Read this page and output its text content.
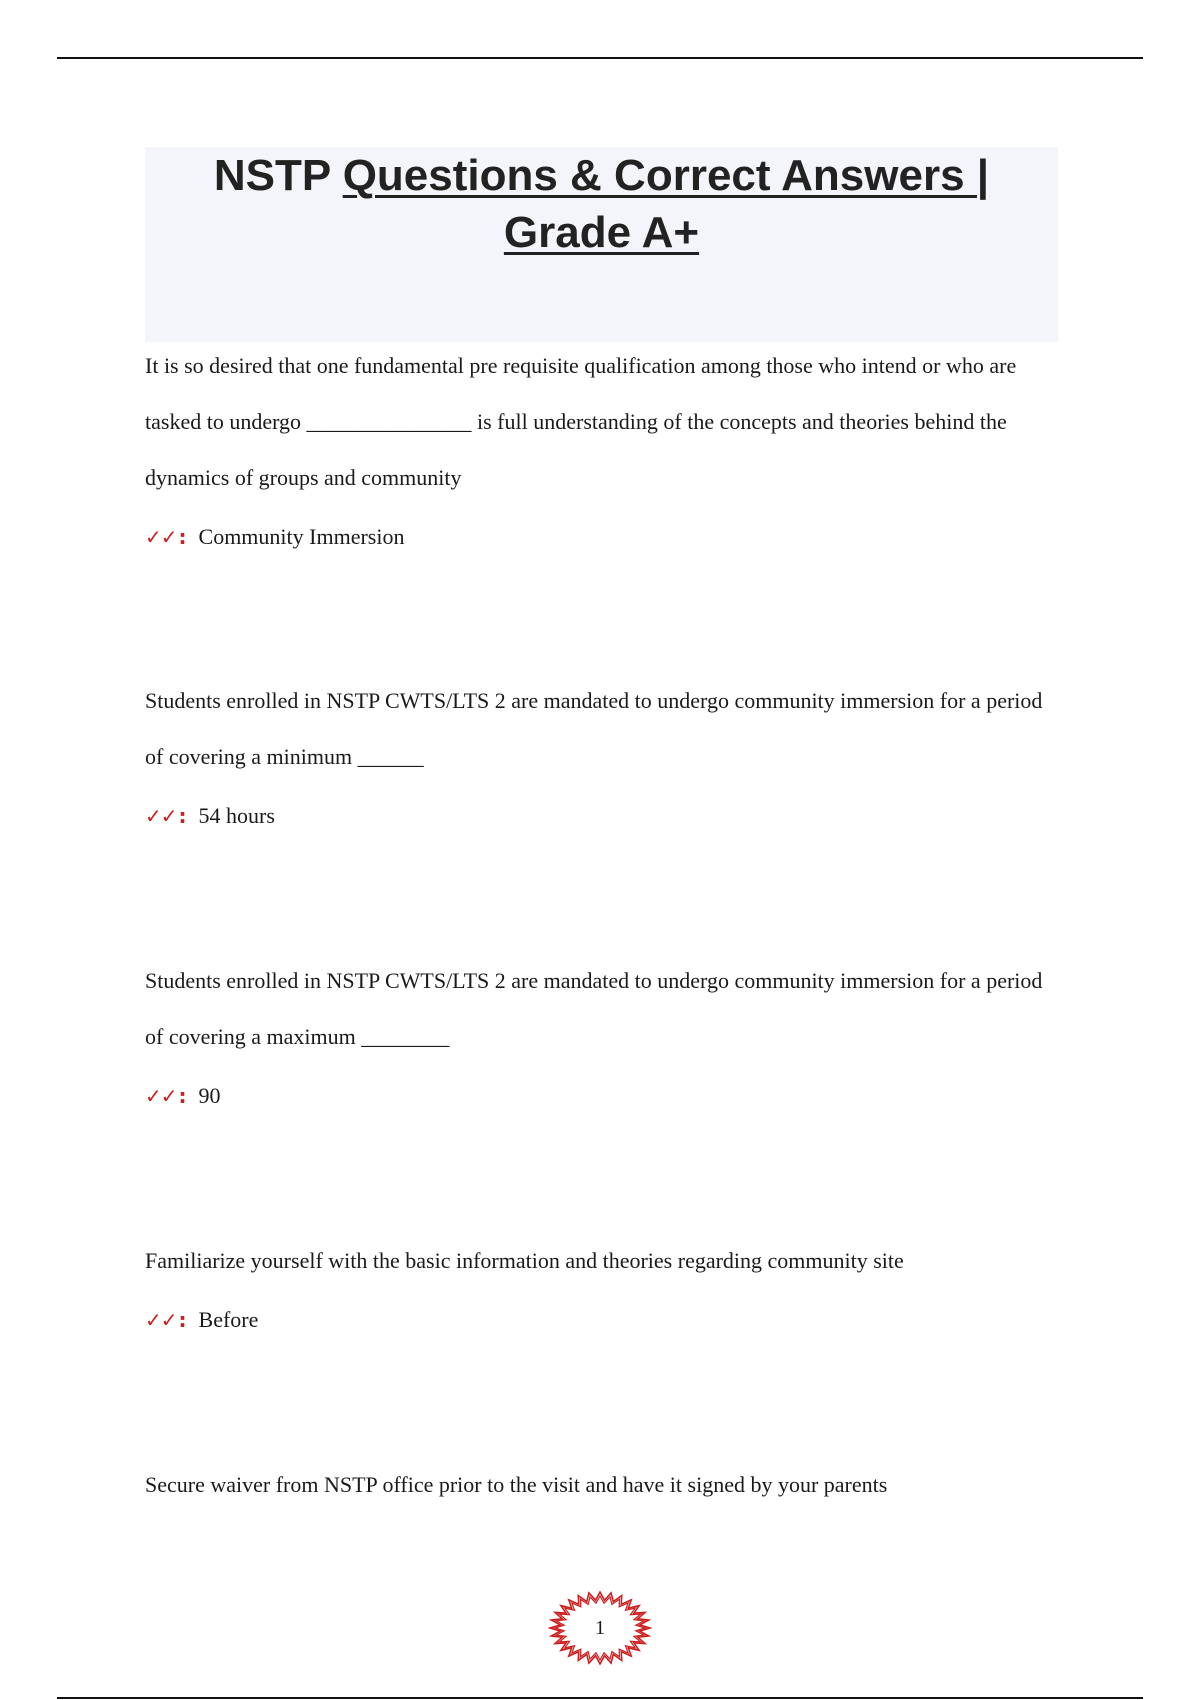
NSTP Questions & Correct Answers | Grade A+

It is so desired that one fundamental pre requisite qualification among those who intend or who are tasked to undergo _______________ is full understanding of the concepts and theories behind the dynamics of groups and community

✓✓ : Community Immersion

Students enrolled in NSTP CWTS/LTS 2 are mandated to undergo community immersion for a period of covering a minimum ______

✓✓ : 54 hours

Students enrolled in NSTP CWTS/LTS 2 are mandated to undergo community immersion for a period of covering a maximum ________

✓✓ : 90

Familiarize yourself with the basic information and theories regarding community site

✓✓ : Before

Secure waiver from NSTP office prior to the visit and have it signed by your parents

1
